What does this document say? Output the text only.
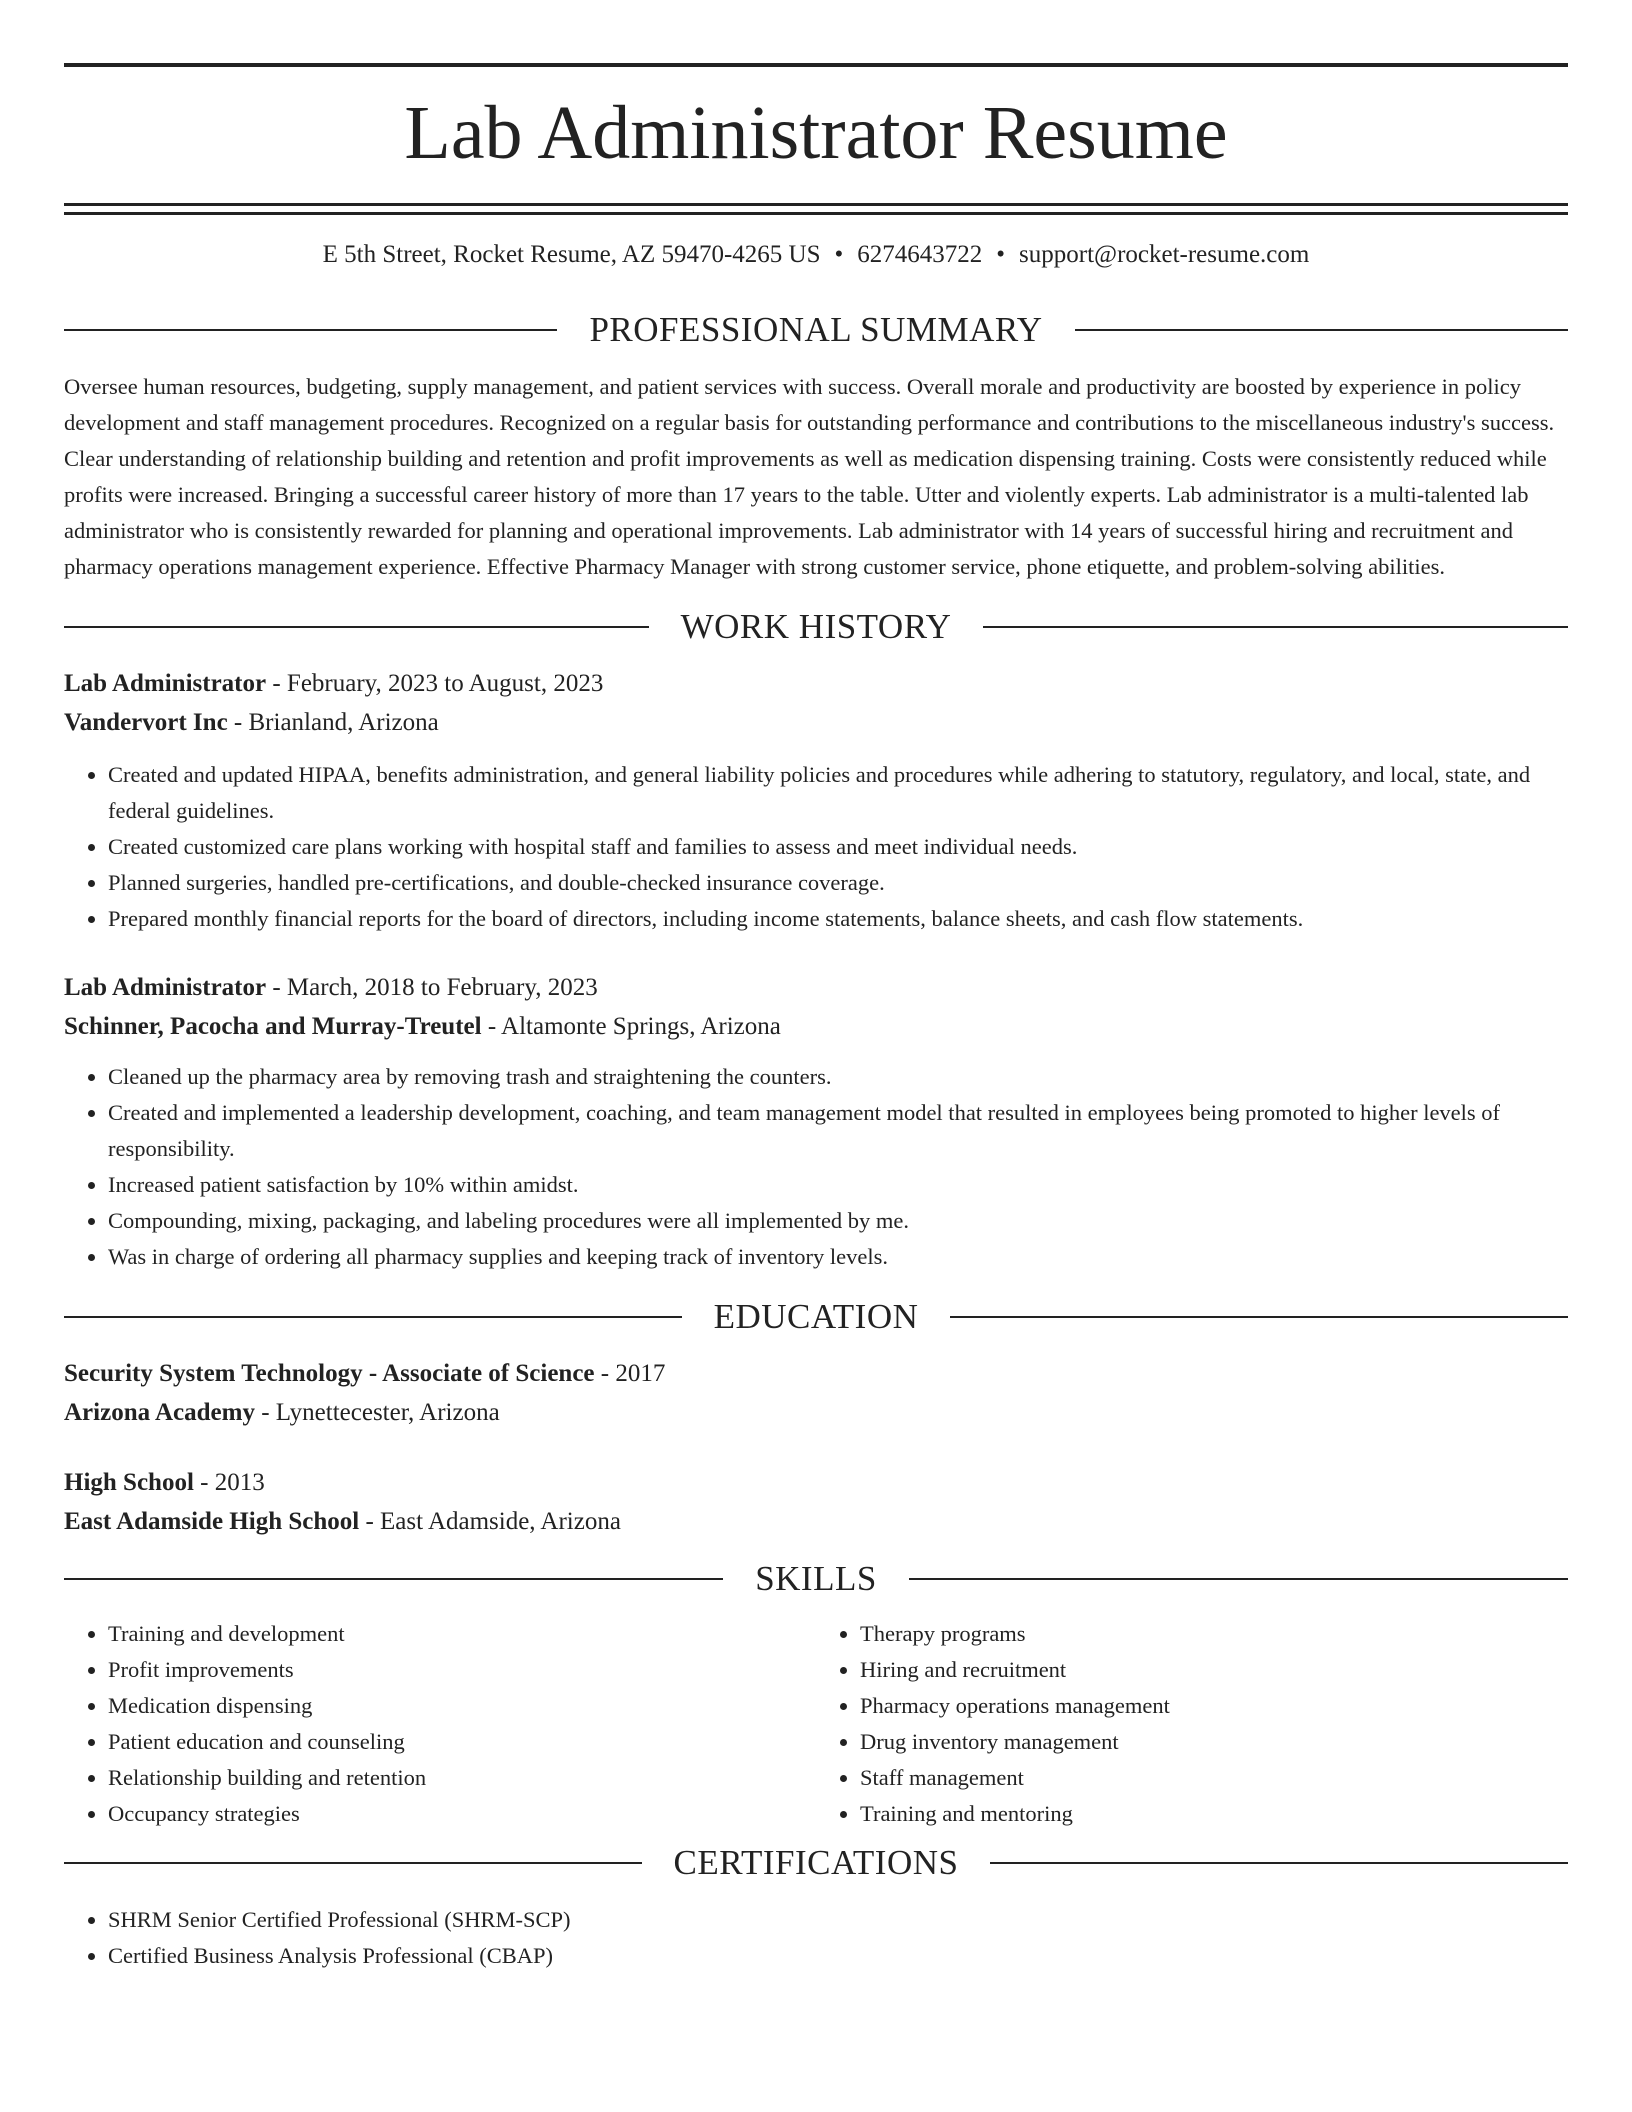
Lab Administrator Resume
E 5th Street, Rocket Resume, AZ 59470-4265 US • 6274643722 • support@rocket-resume.com
PROFESSIONAL SUMMARY

Oversee human resources, budgeting, supply management, and patient services with success. Overall morale and productivity are boosted by experience in policy development and staff management procedures. Recognized on a regular basis for outstanding performance and contributions to the miscellaneous industry's success. Clear understanding of relationship building and retention and profit improvements as well as medication dispensing training. Costs were consistently reduced while profits were increased. Bringing a successful career history of more than 17 years to the table. Utter and violently experts. Lab administrator is a multi-talented lab administrator who is consistently rewarded for planning and operational improvements. Lab administrator with 14 years of successful hiring and recruitment and pharmacy operations management experience. Effective Pharmacy Manager with strong customer service, phone etiquette, and problem-solving abilities.

WORK HISTORY
Lab Administrator - February, 2023 to August, 2023
Vandervort Inc - Brianland, Arizona
• Created and updated HIPAA, benefits administration, and general liability policies and procedures while adhering to statutory, regulatory, and local, state, and federal guidelines.
• Created customized care plans working with hospital staff and families to assess and meet individual needs.
• Planned surgeries, handled pre-certifications, and double-checked insurance coverage.
• Prepared monthly financial reports for the board of directors, including income statements, balance sheets, and cash flow statements.
Lab Administrator - March, 2018 to February, 2023
Schinner, Pacocha and Murray-Treutel - Altamonte Springs, Arizona
• Cleaned up the pharmacy area by removing trash and straightening the counters.
• Created and implemented a leadership development, coaching, and team management model that resulted in employees being promoted to higher levels of responsibility.
• Increased patient satisfaction by 10% within amidst.
• Compounding, mixing, packaging, and labeling procedures were all implemented by me.
• Was in charge of ordering all pharmacy supplies and keeping track of inventory levels.
EDUCATION
Security System Technology - Associate of Science - 2017
Arizona Academy - Lynettecester, Arizona
High School - 2013
East Adamside High School - East Adamside, Arizona
SKILLS
• Training and development
• Profit improvements
• Medication dispensing
• Patient education and counseling
• Relationship building and retention
• Occupancy strategies
• Therapy programs
• Hiring and recruitment
• Pharmacy operations management
• Drug inventory management
• Staff management
• Training and mentoring
CERTIFICATIONS
• SHRM Senior Certified Professional (SHRM-SCP)
• Certified Business Analysis Professional (CBAP)
